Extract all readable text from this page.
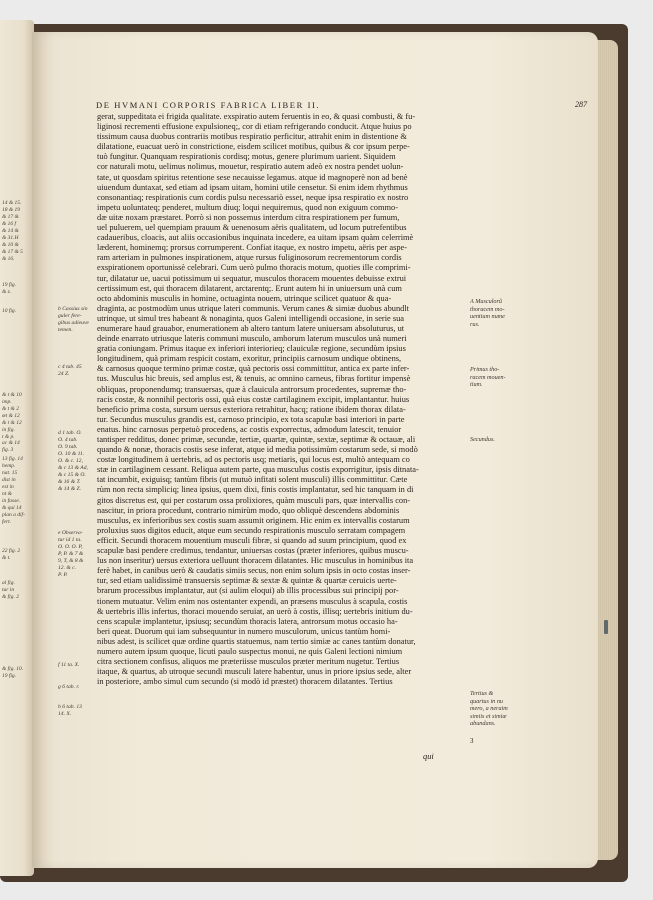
14 & 15.
18 & 19
& 17 &
& 16 f
& 14 &
& 31.H
& 10 &
& 17 & 5
& 16.
19 fig.
& z.
10 fig.
& t & 10
imp.
& t & 2
œt & 12
& t & 12
in fig.
t & p.
ac & 14
fig. 3
13 fig. 14
hemp.
nat. 15
dist in
est in
nt &
in fasse.
& qui 14
plan a dif-
fert.
22 fig. 2
& t.
al fig.
tur in
& fig. 2
& fig. 10.
19 fig.
DE HVMANI CORPORIS FABRICA LIBER II.	287
gerat, suppeditata ei frigida qualitate. exspiratio autem feruentis in eo, & quasi combusti, & fu-
liginosi recrementi effusione expulsioneq;, cor di etiam refrigerando conducit. Atque huius po
tissimum causa duobus contrariis motibus respiratio perficitur, attrahit enim in distentione &
dilatatione, euacuat uerò in constrictione, eisdem scilicet motibus, quibus & cor ipsum perpe-
tuò fungitur. Quanquam respirationis cordisq; motus, genere plurimum uarient. Siquidem
cor naturali motu, uelimus nolimus, mouetur, respiratio autem adeò ex nostra pendet uolun-
tate, ut quosdam spiritus retentione sese necauisse legamus. atque id magnoperè non ad benè
uiuendum duntaxat, sed etiam ad ipsam uitam, homini utile censetur. Si enim idem rhythmus
consonantiaq; respirationis cum cordis pulsu necessariò esset, neque ipsa respiratio ex nostro
impetu uoluntateq; penderet, multum diuq; loqui nequiremus, quod non exiguum commo-
dæ uitæ noxam præstaret. Porrò si non possemus interdum citra respirationem per fumum,
uel puluerem, uel quempiam prauum & uenenosum aëris qualitatem, ud locum putrefentibus
cadaueribus, cloacis, aut aliis occasionibus inquinata incedere, ea uitam ipsam quàm celerrimè
læderent, hominemq; prorsus corrumperent. Confiat itaque, ex nostro impetu, aëris per aspe-
ram arteriam in pulmones inspirationem, atque rursus fuliginosorum recrementorum cordis
exspirationem oportunissè celebrari. Cum uerò pulmo thoracis motum, quoties ille comprimi-
tur, dilatatur ue, uacui potissimum ui sequatur, musculos thoracem mouentes debuisse extrui
certissimum est, qui thoracem dilatarent, arctarentq;. Erunt autem hi in uniuersum unà cum
octo abdominis musculis in homine, octuaginta nouem, utrinque scilicet quatuor & qua-
draginta, ac postmodùm unus utrique lateri communis. Verum canes & simiæ duobus abundlt
utrinque, ut simul tres habeant & nonaginta, quos Galeni intelligendi occasione, in serie sua
enumerare haud grauabor, enumerationem ab altero tantum latere uniuersam absoluturus, ut
deinde enarrato utriusque lateris communi musculo, amborum laterum musculos unà numeri
gratia coniungam. Primus itaque ex inferiori interiorieq; clauiculæ regione, secundùm ipsius
longitudinem, quà primam respicit costam, exoritur, principiis carnosum undique obtinens,
& carnosus quoque termino primæ costæ, quà pectoris ossi committitur, antica ex parte infer-
tus. Musculus hic breuis, sed amplus est, & tenuis, ac omnino carneus, fibras fortitur impensè
obliquas, proponendumq; transuersas, quæ à clauicula antrorsum procedentes, supremæ tho-
racis costæ, & nonnihil pectoris ossi, quà eius costæ cartilaginem excipit, implantantur. huius
beneficio prima costa, sursum uersus exteriora retrahitur, hacq; ratione ibidem thorax dilata-
tur. Secundus musculus grandis est, carnoso principio, ex tota scapulæ basi interiori in parte
enatus. hinc carnosus perpetuò procedens, ac costis exporrectus, admodum latescit, tenuior
tantisper redditus, donec primæ, secundæ, tertiæ, quartæ, quintæ, sextæ, septimæ & octauæ, ali
quando & nonæ, thoracis costis sese inferat, atque id media potissimùm costarum sede, si modò
costæ longitudinem à uertebris, ad os pectoris usq; metiaris, qui locus est, multò antequam co
stæ in cartilaginem cessant. Reliqua autem parte, qua musculus costis exporrigitur, ipsis ditnata-
tat incumbit, exiguisq; tantùm fibris (ut mutuò infitati solent musculi) illis committitur. Cæte
rùm non recta simpliciq; linea ipsius, quem dixi, finis costis implantatur, sed hic tanquam in di
gitos discretus est, qui per costarum ossa prolixiores, quàm musculi pars, quæ intervallis con-
nascitur, in priora procedunt, contrario nimirùm modo, quo obliquè descendens abdominis
musculus, ex inferioribus sex costis suam assumit originem. Hic enim ex intervallis costarum
proluxius suos digitos educit, atque eum secundo respirationis musculo serratam compagem
efficit. Secundi thoracem mouentium musculi fibræ, si quando ad suum principium, quod ex
scapulæ basi pendere credimus, tendantur, uniuersas costas (præter inferiores, quibus muscu-
lus non inseritur) uersus exteriora uelluunt thoracem dilatantes. Hic musculus in hominibus ita
ferè habet, in canibus uerò & caudatis simiis secus, non enim solum ipsis in octo costas inser-
tur, sed etiam ualidissimè transuersis septimæ & sextæ & quintæ & quartæ ceruicis uerte-
brarum processibus implantatur, aut (si aulim eloqui) ab illis processibus sui principij por-
tionem mutuatur. Velim enim nos ostentanter expendi, an præsens musculus à scapula, costis
& uertebris illis infertus, thoraci mouendo seruiat, an uerò à costis, illisq; uertebris initium du-
cens scapulæ implantetur, ipsiusq; secundùm thoracis latera, antrorsum motus occasio ha-
beri queat. Duorum qui iam subsequuntur in numero musculorum, unicus tantùm homi-
nibus adest, is scilicet quæ ordine quartis statuemus, nam tertio simiæ ac canes tantùm donatur,
numero autem ipsum quoque, licuti paulo suspectus monui, ne quis Galeni lectioni nimium
citra sectionem confisus, aliquos me præteriisse musculos præter meritum nugetur. Tertius
itaque, & quartus, ab utroque secundi musculi latere habentur, unus in priore ipsius sede, alter
in posteriore, ambo simul cum secundo (si modò id præstet) thoracem dilatantes. Tertius
qui
b Cassius sin
guler fere-
gibus adieuve
temen.
c 4 tab. 45
24 Z.
d 1 tab. O.
O. 4 tab.
O. 9 tab.
O. 10 & 11.
O. & c. 12,
& c 13 & Ad,
& c 15 & O.
& 16 & T.
& 14 & Z.
e Observa-
tur id 1 ta.
O. O. O. P,
P, P. & 7 &
9, T, & 8 &
12. & c.
P. P.
f 11 ta. X.
g 6 tab. r.
h 6 tab. 13
14. X.
A Musculorŭ
thoracem mo-
uentium nume
rus.
Primus tho-
racem mouen-
tium.
Secundus.
Tertius &
quartus in nu
mero, a neraim
simiis et simiæ
abundans.
3
